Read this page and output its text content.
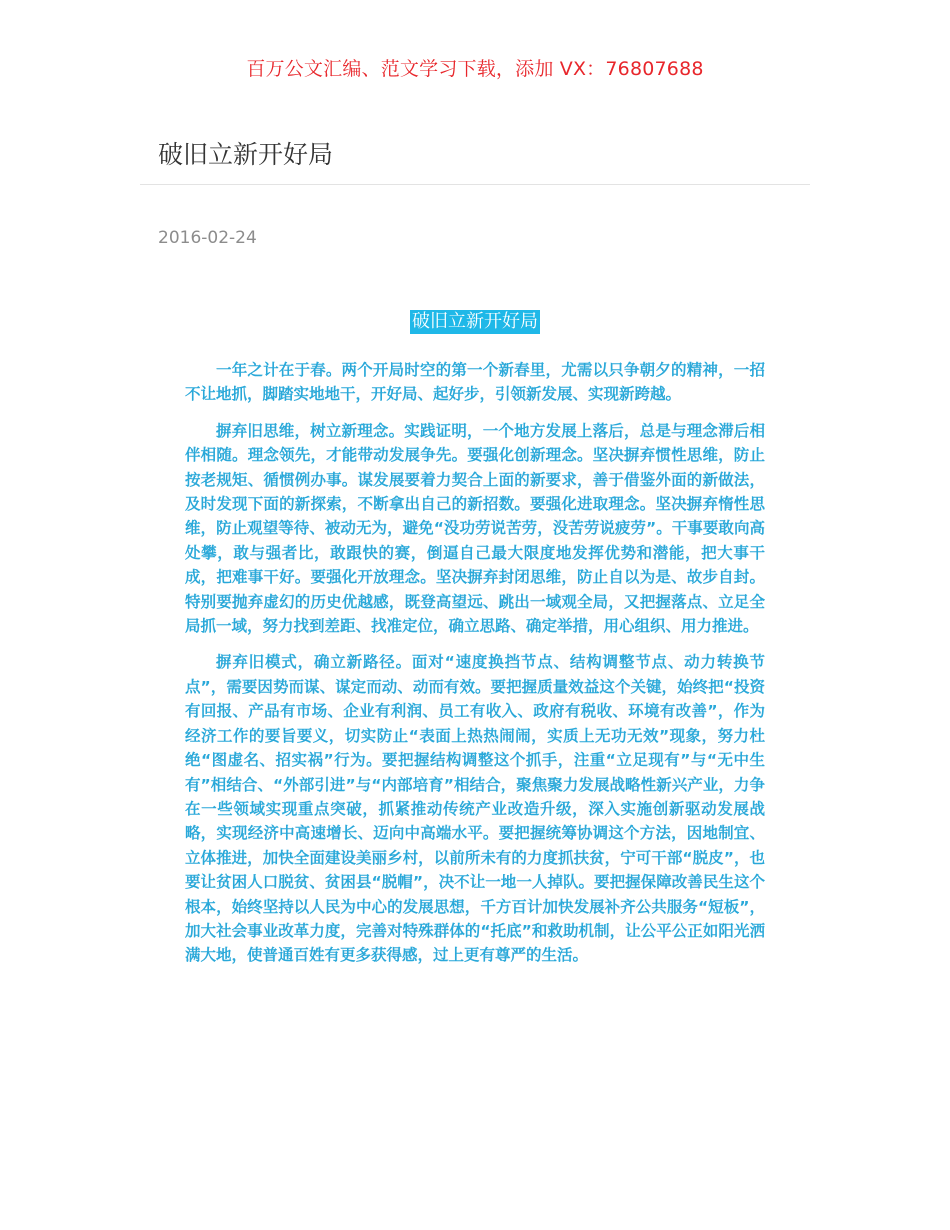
百万公文汇编、范文学习下载，添加 VX：76807688
破旧立新开好局
2016-02-24
破旧立新开好局

一年之计在于春。两个开局时空的第一个新春里，尤需以只争朝夕的精神，一招不让地抓，脚踏实地地干，开好局、起好步，引领新发展、实现新跨越。

摒弃旧思维，树立新理念。实践证明，一个地方发展上落后，总是与理念滞后相伴相随。理念领先，才能带动发展争先。要强化创新理念。坚决摒弃惯性思维，防止按老规矩、循惯例办事。谋发展要着力契合上面的新要求，善于借鉴外面的新做法，及时发现下面的新探索，不断拿出自己的新招数。要强化进取理念。坚决摒弃惰性思维，防止观望等待、被动无为，避免“没功劳说苦劳，没苦劳说疲劳”。干事要敢向高处攀，敢与强者比，敢跟快的赛，倒逼自己最大限度地发挥优势和潜能，把大事干成，把难事干好。要强化开放理念。坚决摒弃封闭思维，防止自以为是、故步自封。特别要抛弃虚幻的历史优越感，既登高望远、跳出一域观全局，又把握落点、立足全局抓一域，努力找到差距、找准定位，确立思路、确定举措，用心组织、用力推进。

摒弃旧模式，确立新路径。面对“速度换挡节点、结构调整节点、动力转换节点”，需要因势而谋、谋定而动、动而有效。要把握质量效益这个关键，始终把“投资有回报、产品有市场、企业有利润、员工有收入、政府有税收、环境有改善”，作为经济工作的要旨要义，切实防止“表面上热热闹闹，实质上无功无效”现象，努力杜绝“图虚名、招实祸”行为。要把握结构调整这个抓手，注重“立足现有”与“无中生有”相结合、“外部引进”与“内部培育”相结合，聚焦聚力发展战略性新兴产业，力争在一些领域实现重点突破，抓紧推动传统产业改造升级，深入实施创新驱动发展战略，实现经济中高速增长、迈向中高端水平。要把握统筹协调这个方法，因地制宜、立体推进，加快全面建设美丽乡村，以前所未有的力度抓扶贫，宁可干部“脱皮”，也要让贫困人口脱贫、贫困县“脱帽”，决不让一地一人掉队。要把握保障改善民生这个根本，始终坚持以人民为中心的发展思想，千方百计加快发展补齐公共服务“短板”，加大社会事业改革力度，完善对特殊群体的“托底”和救助机制，让公平公正如阳光洒满大地，使普通百姓有更多获得感，过上更有尊严的生活。
